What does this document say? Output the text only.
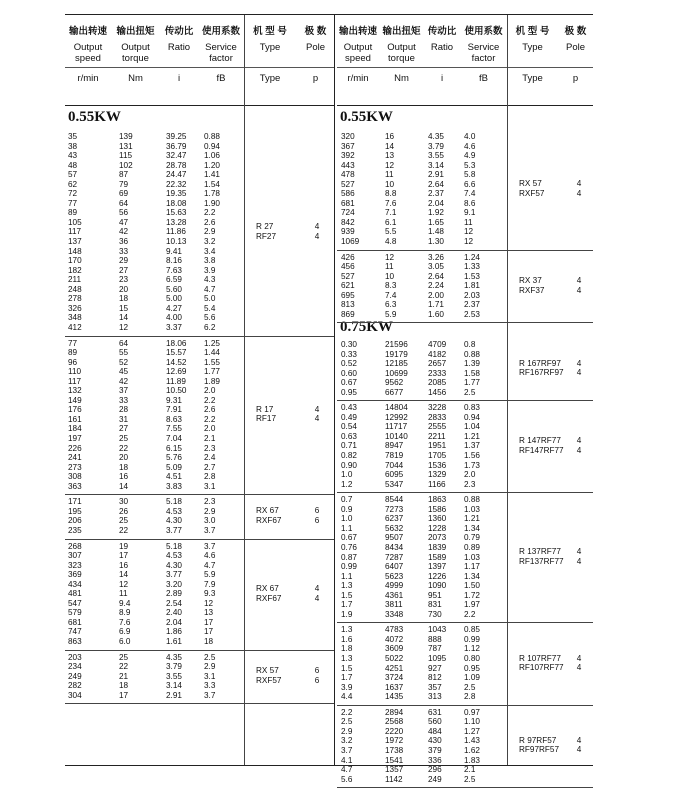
输出转速
Output
speed
r/min
输出扭矩
Output
torque
Nm
传动比
Ratio
i
使用系数
Service
factor
fB
机 型 号
Type
Type
极 数
Pole
p
0.55KW
35
38
43
48
57
62
72
77
89
105
117
137
148
170
182
211
248
278
326
348
412
139
131
115
102
87
79
69
64
56
47
42
36
33
29
27
23
20
18
15
14
12
39.25
36.79
32.47
28.78
24.47
22.32
19.35
18.08
15.63
13.28
11.86
10.13
9.41
8.16
7.63
6.59
5.60
5.00
4.27
4.00
3.37
0.88
0.94
1.06
1.20
1.41
1.54
1.78
1.90
2.2
2.6
2.9
3.2
3.4
3.8
3.9
4.3
4.7
5.0
5.4
5.6
6.2
R 27
RF27
4
4
77
89
96
110
117
132
149
176
161
184
197
226
241
273
308
363
64
55
52
45
42
37
33
28
31
27
25
22
20
18
16
14
18.06
15.57
14.52
12.69
11.89
10.50
9.31
7.91
8.63
7.55
7.04
6.15
5.76
5.09
4.51
3.83
1.25
1.44
1.55
1.77
1.89
2.0
2.2
2.6
2.2
2.0
2.1
2.3
2.4
2.7
2.8
3.1
R 17
RF17
4
4
171
195
206
235
30
26
25
22
5.18
4.53
4.30
3.77
2.3
2.9
3.0
3.7
RX 67
RXF67
6
6
268
307
323
369
434
481
547
579
681
747
863
19
17
16
14
12
11
9.4
8.9
7.6
6.9
6.0
5.18
4.53
4.30
3.77
3.20
2.89
2.54
2.40
2.04
1.86
1.61
3.7
4.6
4.7
5.9
7.9
9.3
12
13
17
17
18
RX 67
RXF67
4
4
203
234
249
282
304
25
22
21
18
17
4.35
3.79
3.55
3.14
2.91
2.5
2.9
3.1
3.3
3.7
RX 57
RXF57
6
6
输出转速
Output
speed
r/min
输出扭矩
Output
torque
Nm
传动比
Ratio
i
使用系数
Service
factor
fB
机 型 号
Type
Type
极 数
Pole
p
0.55KW
0.75KW
320
367
392
443
478
527
586
681
724
842
939
1069
16
14
13
12
11
10
8.8
7.6
7.1
6.1
5.5
4.8
4.35
3.79
3.55
3.14
2.91
2.64
2.37
2.04
1.92
1.65
1.48
1.30
4.0
4.6
4.9
5.3
5.8
6.6
7.4
8.6
9.1
11
12
12
RX 57
RXF57
4
4
426
456
527
621
695
813
869
12
11
10
8.3
7.4
6.3
5.9
3.26
3.05
2.64
2.24
2.00
1.71
1.60
1.24
1.33
1.53
1.81
2.03
2.37
2.53
RX 37
RXF37
4
4
0.30
0.33
0.52
0.60
0.67
0.95
21596
19179
12185
10699
9562
6677
4709
4182
2657
2333
2085
1456
0.8
0.88
1.39
1.58
1.77
2.5
R 167RF97
RF167RF97
4
4
0.43
0.49
0.54
0.63
0.71
0.82
0.90
1.0
1.2
14804
12992
11717
10140
8947
7819
7044
6095
5347
3228
2833
2555
2211
1951
1705
1536
1329
1166
0.83
0.94
1.04
1.21
1.37
1.56
1.73
2.0
2.3
R 147RF77
RF147RF77
4
4
0.7
0.9
1.0
1.1
0.67
0.76
0.87
0.99
1.1
1.3
1.5
1.7
1.9
8544
7273
6237
5632
9507
8434
7287
6407
5623
4999
4361
3811
3348
1863
1586
1360
1228
2073
1839
1589
1397
1226
1090
951
831
730
0.88
1.03
1.21
1.34
0.79
0.89
1.03
1.17
1.34
1.50
1.72
1.97
2.2
R 137RF77
RF137RF77
4
4
1.3
1.6
1.8
1.3
1.5
1.7
3.9
4.4
4783
4072
3609
5022
4251
3724
1637
1435
1043
888
787
1095
927
812
357
313
0.85
0.99
1.12
0.80
0.95
1.09
2.5
2.8
R 107RF77
RF107RF77
4
4
2.2
2.5
2.9
3.2
3.7
4.1
4.7
5.6
2894
2568
2220
1972
1738
1541
1357
1142
631
560
484
430
379
336
296
249
0.97
1.10
1.27
1.43
1.62
1.83
2.1
2.5
R 97RF57
RF97RF57
4
4
